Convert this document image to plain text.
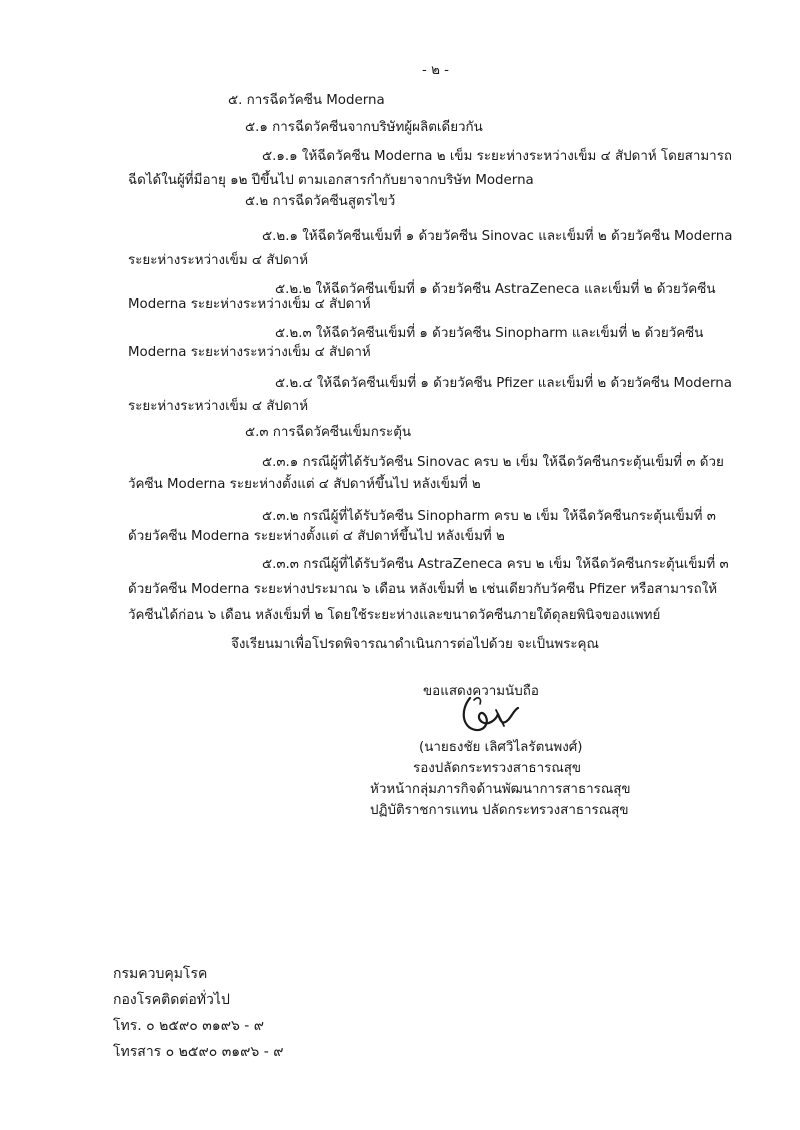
- ๒ -
๕. การฉีดวัคซีน Moderna
๕.๑ การฉีดวัคซีนจากบริษัทผู้ผลิตเดียวกัน
๕.๑.๑ ให้ฉีดวัคซีน Moderna ๒ เข็ม ระยะห่างระหว่างเข็ม ๔ สัปดาห์ โดยสามารถ
ฉีดได้ในผู้ที่มีอายุ ๑๒ ปีขึ้นไป ตามเอกสารกำกับยาจากบริษัท Moderna
๕.๒ การฉีดวัคซีนสูตรไขว้
๕.๒.๑ ให้ฉีดวัคซีนเข็มที่ ๑ ด้วยวัคซีน Sinovac และเข็มที่ ๒ ด้วยวัคซีน Moderna
ระยะห่างระหว่างเข็ม ๔ สัปดาห์
๕.๒.๒ ให้ฉีดวัคซีนเข็มที่ ๑ ด้วยวัคซีน AstraZeneca และเข็มที่ ๒ ด้วยวัคซีน
Moderna ระยะห่างระหว่างเข็ม ๔ สัปดาห์
๕.๒.๓ ให้ฉีดวัคซีนเข็มที่ ๑ ด้วยวัคซีน Sinopharm และเข็มที่ ๒ ด้วยวัคซีน
Moderna ระยะห่างระหว่างเข็ม ๔ สัปดาห์
๕.๒.๔ ให้ฉีดวัคซีนเข็มที่ ๑ ด้วยวัคซีน Pfizer และเข็มที่ ๒ ด้วยวัคซีน Moderna
ระยะห่างระหว่างเข็ม ๔ สัปดาห์
๕.๓ การฉีดวัคซีนเข็มกระตุ้น
๕.๓.๑ กรณีผู้ที่ได้รับวัคซีน Sinovac ครบ ๒ เข็ม ให้ฉีดวัคซีนกระตุ้นเข็มที่ ๓ ด้วย
วัคซีน Moderna ระยะห่างตั้งแต่ ๔ สัปดาห์ขึ้นไป หลังเข็มที่ ๒
๕.๓.๒ กรณีผู้ที่ได้รับวัคซีน Sinopharm ครบ ๒ เข็ม ให้ฉีดวัคซีนกระตุ้นเข็มที่ ๓
ด้วยวัคซีน Moderna ระยะห่างตั้งแต่ ๔ สัปดาห์ขึ้นไป หลังเข็มที่ ๒
๕.๓.๓ กรณีผู้ที่ได้รับวัคซีน AstraZeneca ครบ ๒ เข็ม ให้ฉีดวัคซีนกระตุ้นเข็มที่ ๓
ด้วยวัคซีน Moderna ระยะห่างประมาณ ๖ เดือน หลังเข็มที่ ๒ เช่นเดียวกับวัคซีน Pfizer หรือสามารถให้
วัคซีนได้ก่อน ๖ เดือน หลังเข็มที่ ๒ โดยใช้ระยะห่างและขนาดวัคซีนภายใต้ดุลยพินิจของแพทย์
จึงเรียนมาเพื่อโปรดพิจารณาดำเนินการต่อไปด้วย จะเป็นพระคุณ
ขอแสดงความนับถือ
(นายธงชัย เลิศวิไลรัตนพงศ์)
รองปลัดกระทรวงสาธารณสุข
หัวหน้ากลุ่มภารกิจด้านพัฒนาการสาธารณสุข
ปฏิบัติราชการแทน ปลัดกระทรวงสาธารณสุข
กรมควบคุมโรค
กองโรคติดต่อทั่วไป
โทร. ๐ ๒๕๙๐ ๓๑๙๖ - ๙
โทรสาร ๐ ๒๕๙๐ ๓๑๙๖ - ๙
